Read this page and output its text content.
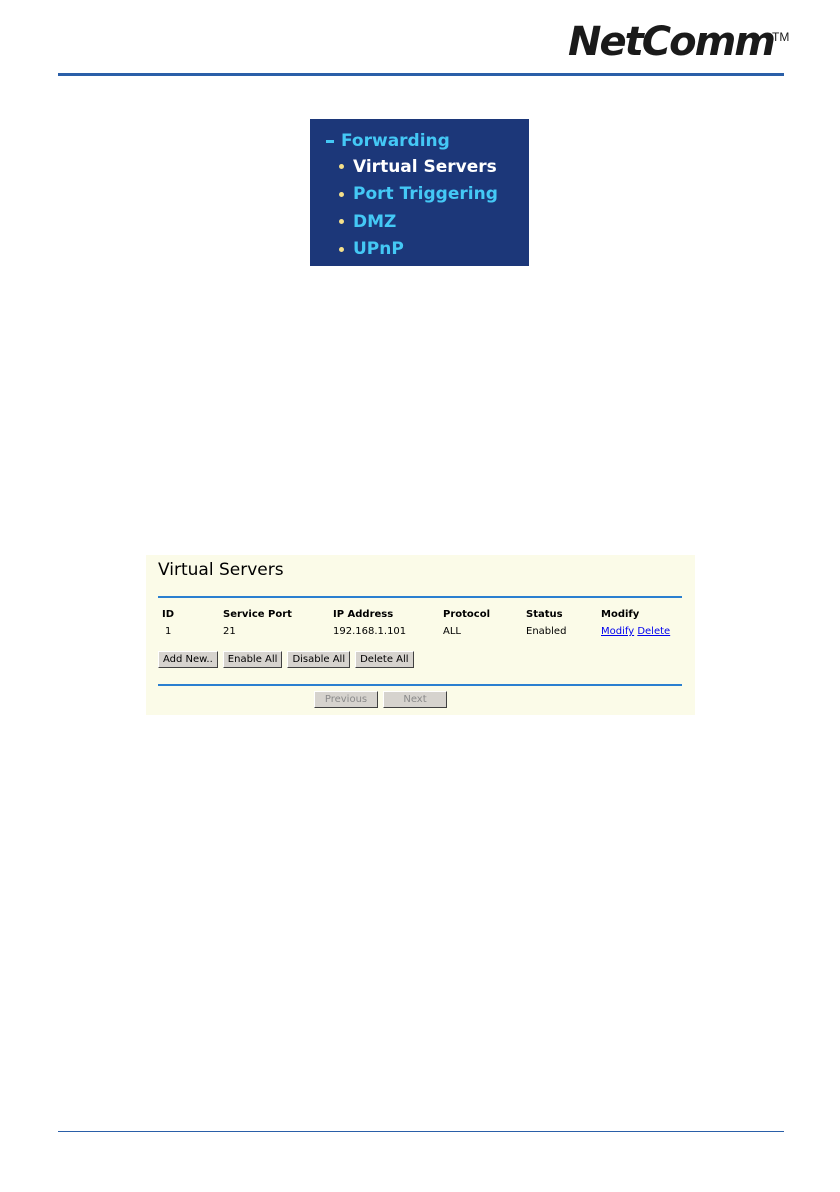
NetComm
TM
Forwarding
Virtual Servers
Port Triggering
DMZ
UPnP
Virtual Servers
ID	Service Port	IP Address	Protocol	Status	Modify
1	21	192.168.1.101	ALL	Enabled	Modify Delete
Add New..	Enable All	Disable All	Delete All
Previous	Next
